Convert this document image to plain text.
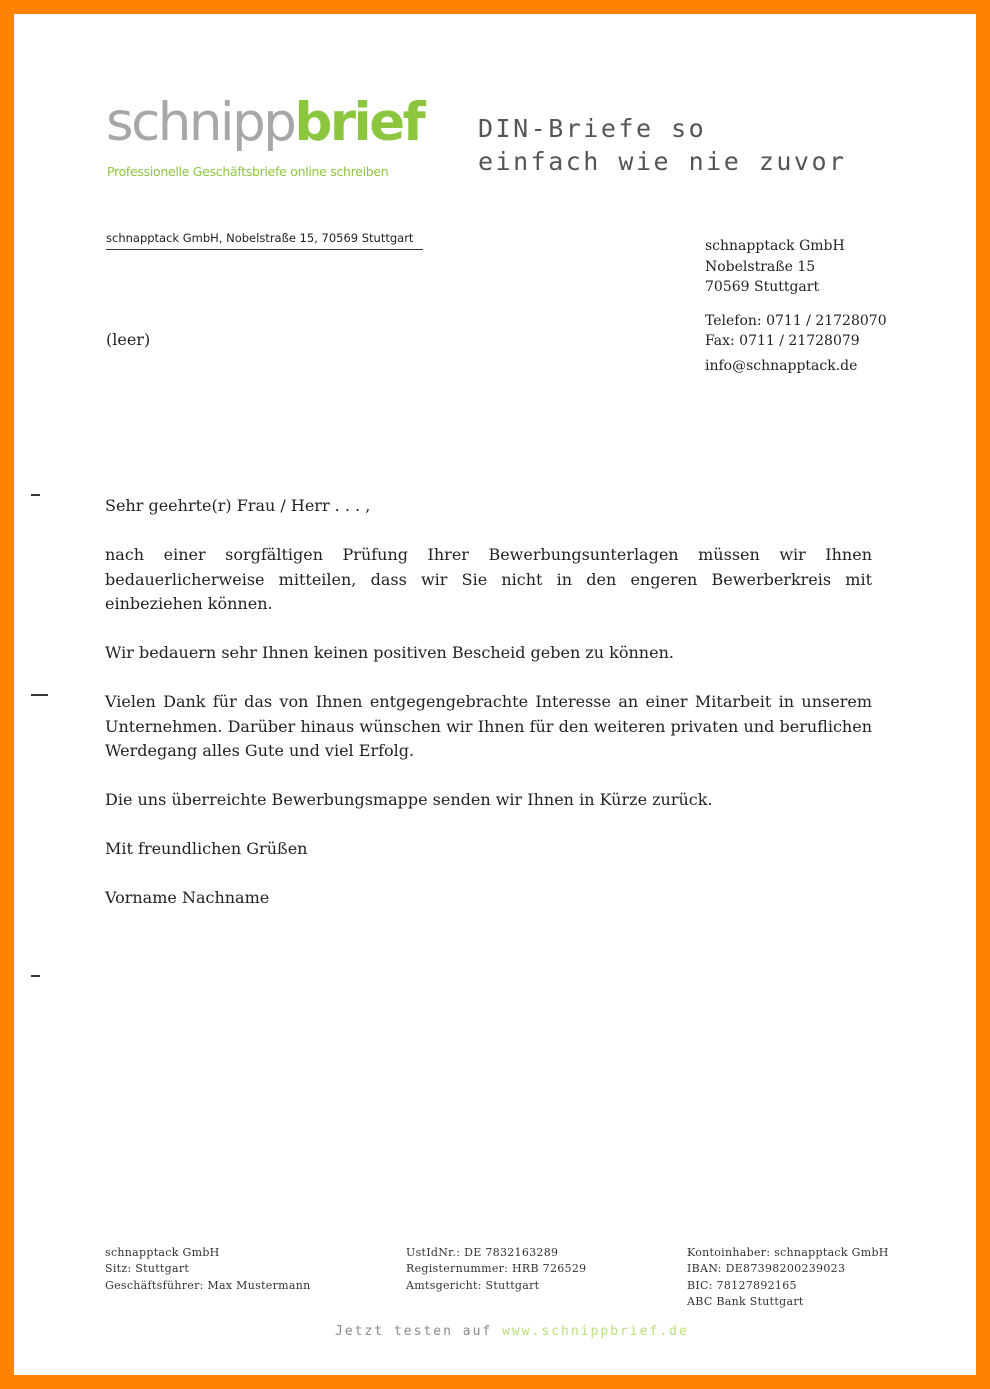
schnippbrief
Professionelle Geschäftsbriefe online schreiben
DIN-Briefe so
einfach wie nie zuvor
schnapptack GmbH, Nobelstraße 15, 70569 Stuttgart
(leer)
schnapptack GmbH
Nobelstraße 15
70569 Stuttgart
Telefon: 0711 / 21728070
Fax: 0711 / 21728079
info@schnapptack.de

Sehr geehrte(r) Frau / Herr . . . ,

nach einer sorgfältigen Prüfung Ihrer Bewerbungsunterlagen müssen wir Ihnen bedauerlicherweise mitteilen, dass wir Sie nicht in den engeren Bewerberkreis mit einbeziehen können.

Wir bedauern sehr Ihnen keinen positiven Bescheid geben zu können.

Vielen Dank für das von Ihnen entgegengebrachte Interesse an einer Mitarbeit in unserem Unternehmen. Darüber hinaus wünschen wir Ihnen für den weiteren privaten und beruflichen Werdegang alles Gute und viel Erfolg.

Die uns überreichte Bewerbungsmappe senden wir Ihnen in Kürze zurück.

Mit freundlichen Grüßen

Vorname Nachname

schnapptack GmbH
Sitz: Stuttgart
Geschäftsführer: Max Mustermann
UstIdNr.: DE 7832163289
Registernummer: HRB 726529
Amtsgericht: Stuttgart
Kontoinhaber: schnapptack GmbH
IBAN: DE87398200239023
BIC: 78127892165
ABC Bank Stuttgart
Jetzt testen auf www.schnippbrief.de
